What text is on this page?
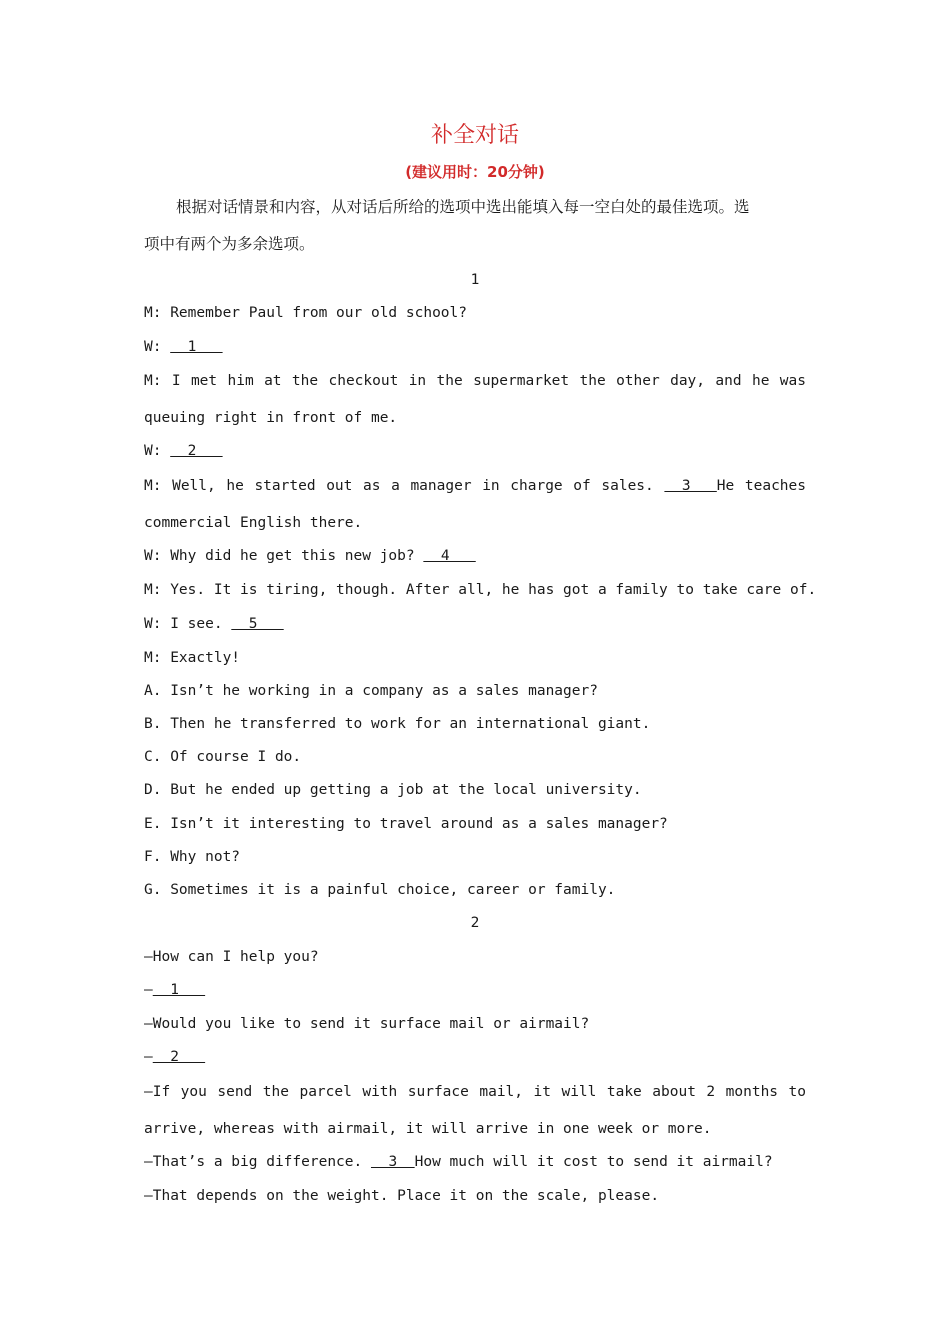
补全对话
(建议用时：20分钟)
根据对话情景和内容，从对话后所给的选项中选出能填入每一空白处的最佳选项。选
项中有两个为多余选项。
1
M: Remember Paul from our old school?
W:   1
M: I met him at the checkout in the supermarket the other day, and he was
queuing right in front of me.
W:   2
M: Well, he started out as a manager in charge of sales.   3   He teaches
commercial English there.
W: Why did he get this new job?   4
M: Yes. It is tiring, though. After all, he has got a family to take care of.
W: I see.   5
M: Exactly!
A. Isn’t he working in a company as a sales manager?
B. Then he transferred to work for an international giant.
C. Of course I do.
D. But he ended up getting a job at the local university.
E. Isn’t it interesting to travel around as a sales manager?
F. Why not?
G. Sometimes it is a painful choice, career or family.
2
—How can I help you?
—  1
—Would you like to send it surface mail or airmail?
—  2
—If you send the parcel with surface mail, it will take about 2 months to
arrive, whereas with airmail, it will arrive in one week or more.
—That’s a big difference.   3  How much will it cost to send it airmail?
—That depends on the weight. Place it on the scale, please.
